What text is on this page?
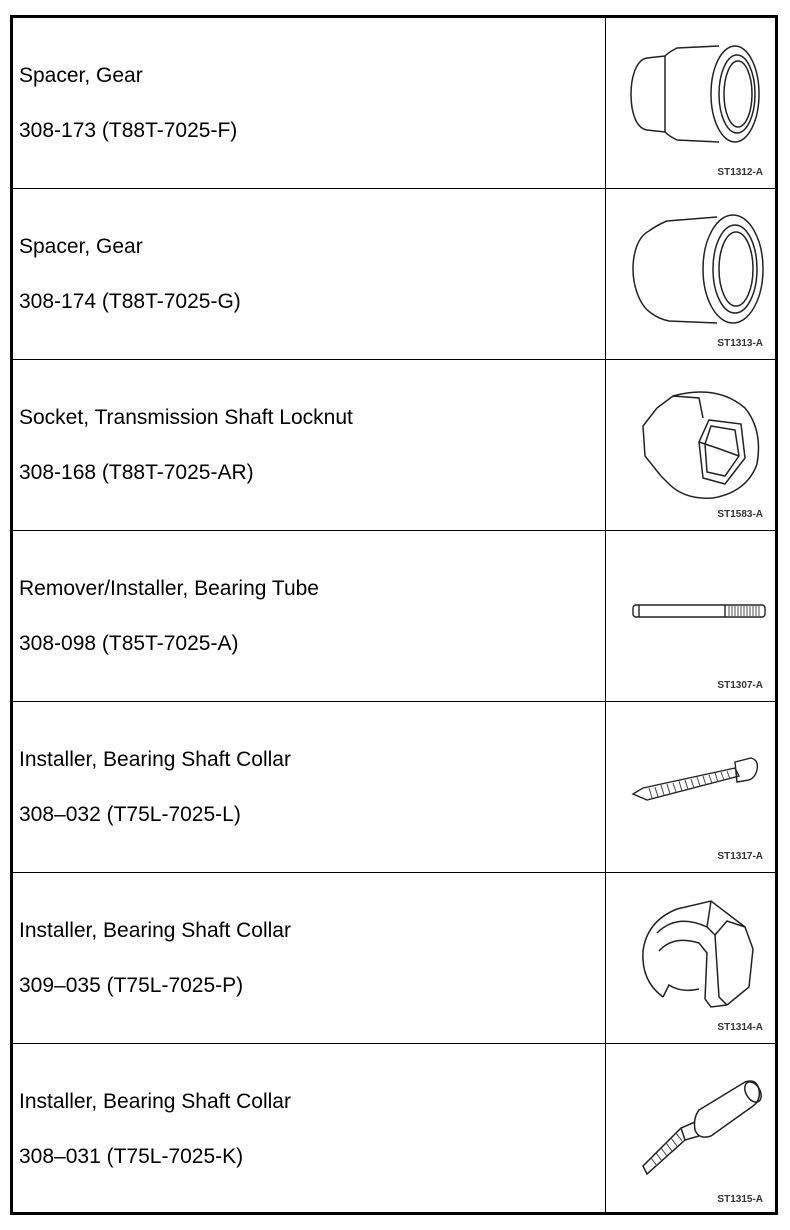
Spacer, Gear
308-173 (T88T-7025-F)
ST1312-A
Spacer, Gear
308-174 (T88T-7025-G)
ST1313-A
Socket, Transmission Shaft Locknut
308-168 (T88T-7025-AR)
ST1583-A
Remover/Installer, Bearing Tube
308-098 (T85T-7025-A)
ST1307-A
Installer, Bearing Shaft Collar
308–032 (T75L-7025-L)
ST1317-A
Installer, Bearing Shaft Collar
309–035 (T75L-7025-P)
ST1314-A
Installer, Bearing Shaft Collar
308–031 (T75L-7025-K)
ST1315-A
